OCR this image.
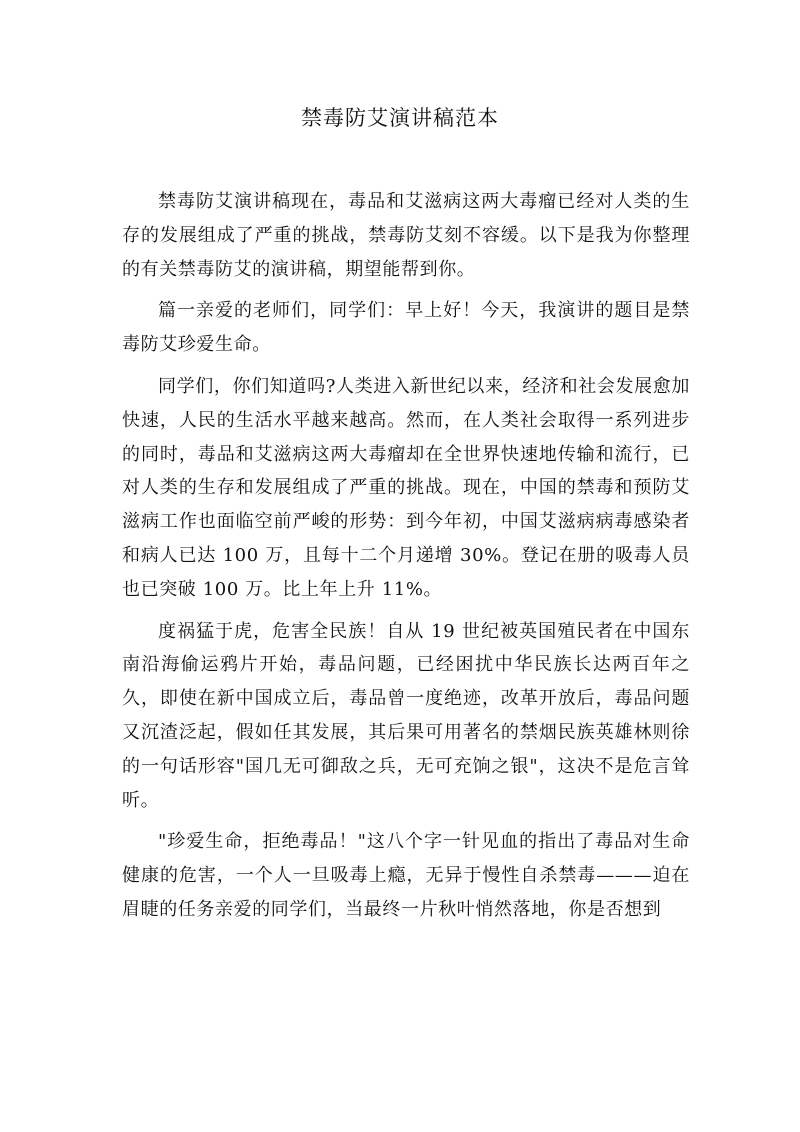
禁毒防艾演讲稿范本

禁毒防艾演讲稿现在，毒品和艾滋病这两大毒瘤已经对人类的生存的发展组成了严重的挑战，禁毒防艾刻不容缓。以下是我为你整理的有关禁毒防艾的演讲稿，期望能帮到你。

篇一亲爱的老师们，同学们：早上好！今天，我演讲的题目是禁毒防艾珍爱生命。

同学们，你们知道吗?人类进入新世纪以来，经济和社会发展愈加快速，人民的生活水平越来越高。然而，在人类社会取得一系列进步的同时，毒品和艾滋病这两大毒瘤却在全世界快速地传输和流行，已对人类的生存和发展组成了严重的挑战。现在，中国的禁毒和预防艾滋病工作也面临空前严峻的形势：到今年初，中国艾滋病病毒感染者和病人已达 100 万，且每十二个月递增 30%。登记在册的吸毒人员也已突破 100 万。比上年上升 11%。

度祸猛于虎，危害全民族！自从 19 世纪被英国殖民者在中国东南沿海偷运鸦片开始，毒品问题，已经困扰中华民族长达两百年之久，即使在新中国成立后，毒品曾一度绝迹，改革开放后，毒品问题又沉渣泛起，假如任其发展，其后果可用著名的禁烟民族英雄林则徐的一句话形容"国几无可御敌之兵，无可充饷之银"，这决不是危言耸听。

"珍爱生命，拒绝毒品！"这八个字一针见血的指出了毒品对生命健康的危害，一个人一旦吸毒上瘾，无异于慢性自杀禁毒———迫在眉睫的任务亲爱的同学们，当最终一片秋叶悄然落地，你是否想到
